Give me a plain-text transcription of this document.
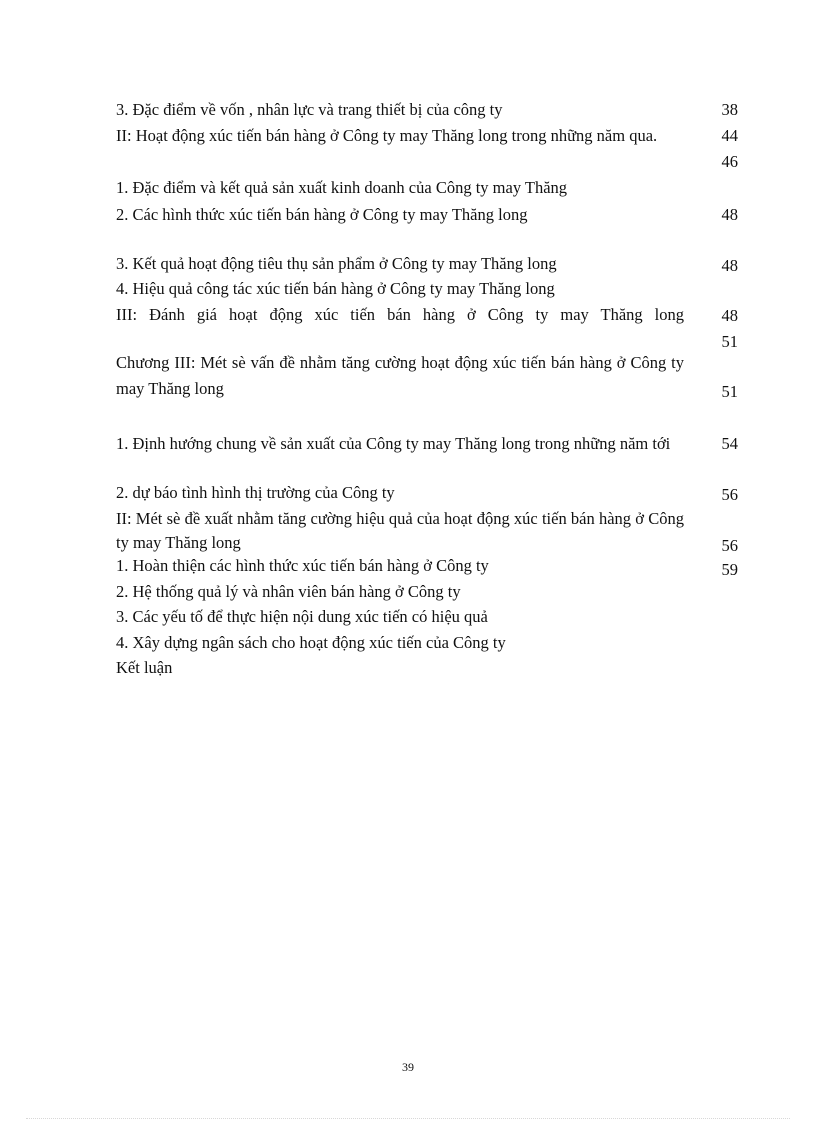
3. Đặc điểm về vốn , nhân lực và trang thiết bị của công ty
II: Hoạt động xúc tiến bán hàng ở Công ty may Thăng long trong những năm qua.
1. Đặc điểm và kết quả sản xuất kinh doanh của Công ty may Thăng
2. Các hình thức xúc tiến bán hàng ở Công ty may Thăng long
3. Kết quả hoạt động tiêu thụ sản phẩm ở Công ty may Thăng long
4. Hiệu quả công tác xúc tiến bán hàng ở Công ty may Thăng long
III: Đánh giá hoạt động xúc tiến bán hàng ở Công ty may Thăng long
Chương III: Mét sè vấn đề nhằm tăng cường hoạt động xúc tiến bán hàng ở Công ty may Thăng long
1. Định hướng chung về sản xuất của Công ty may Thăng long trong những năm tới
2. dự báo tình hình thị trường của Công ty
II: Mét sè đề xuất nhằm tăng cường hiệu quả của hoạt động xúc tiến bán hàng ở Công ty may Thăng long
1. Hoàn thiện các hình thức xúc tiến bán hàng ở Công ty
2. Hệ thống quả lý và nhân viên bán hàng ở Công ty
3. Các yếu tố để thực hiện nội dung xúc tiến có hiệu quả
4. Xây dựng ngân sách cho hoạt động xúc tiến của Công ty
Kết luận
38
44
46
48
48
48
51
51
54
56
56
59
39
